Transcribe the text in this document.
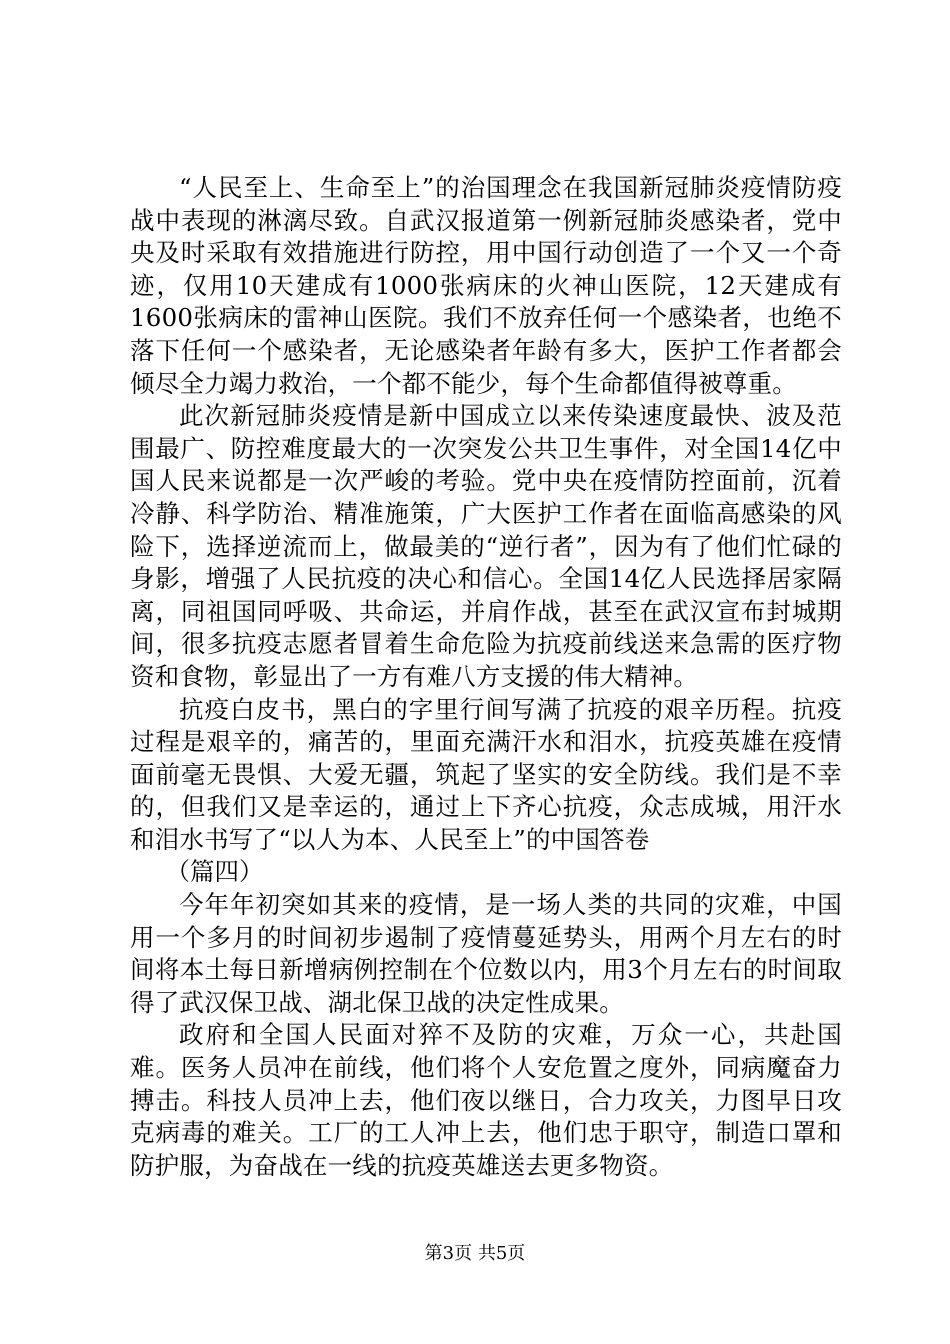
“人民至上、生命至上”的治国理念在我国新冠肺炎疫情防疫战中表现的淋漓尽致。自武汉报道第一例新冠肺炎感染者，党中央及时采取有效措施进行防控，用中国行动创造了一个又一个奇迹，仅用10天建成有1000张病床的火神山医院，12天建成有1600张病床的雷神山医院。我们不放弃任何一个感染者，也绝不落下任何一个感染者，无论感染者年龄有多大，医护工作者都会倾尽全力竭力救治，一个都不能少，每个生命都值得被尊重。

此次新冠肺炎疫情是新中国成立以来传染速度最快、波及范围最广、防控难度最大的一次突发公共卫生事件，对全国14亿中国人民来说都是一次严峻的考验。党中央在疫情防控面前，沉着冷静、科学防治、精准施策，广大医护工作者在面临高感染的风险下，选择逆流而上，做最美的“逆行者”，因为有了他们忙碌的身影，增强了人民抗疫的决心和信心。全国14亿人民选择居家隔离，同祖国同呼吸、共命运，并肩作战，甚至在武汉宣布封城期间，很多抗疫志愿者冒着生命危险为抗疫前线送来急需的医疗物资和食物，彰显出了一方有难八方支援的伟大精神。

抗疫白皮书，黑白的字里行间写满了抗疫的艰辛历程。抗疫过程是艰辛的，痛苦的，里面充满汗水和泪水，抗疫英雄在疫情面前毫无畏惧、大爱无疆，筑起了坚实的安全防线。我们是不幸的，但我们又是幸运的，通过上下齐心抗疫，众志成城，用汗水和泪水书写了“以人为本、人民至上”的中国答卷

（篇四）

今年年初突如其来的疫情，是一场人类的共同的灾难，中国用一个多月的时间初步遏制了疫情蔓延势头，用两个月左右的时间将本土每日新增病例控制在个位数以内，用3个月左右的时间取得了武汉保卫战、湖北保卫战的决定性成果。

政府和全国人民面对猝不及防的灾难，万众一心，共赴国难。医务人员冲在前线，他们将个人安危置之度外，同病魔奋力搏击。科技人员冲上去，他们夜以继日，合力攻关，力图早日攻克病毒的难关。工厂的工人冲上去，他们忠于职守，制造口罩和防护服，为奋战在一线的抗疫英雄送去更多物资。

第3页 共5页
